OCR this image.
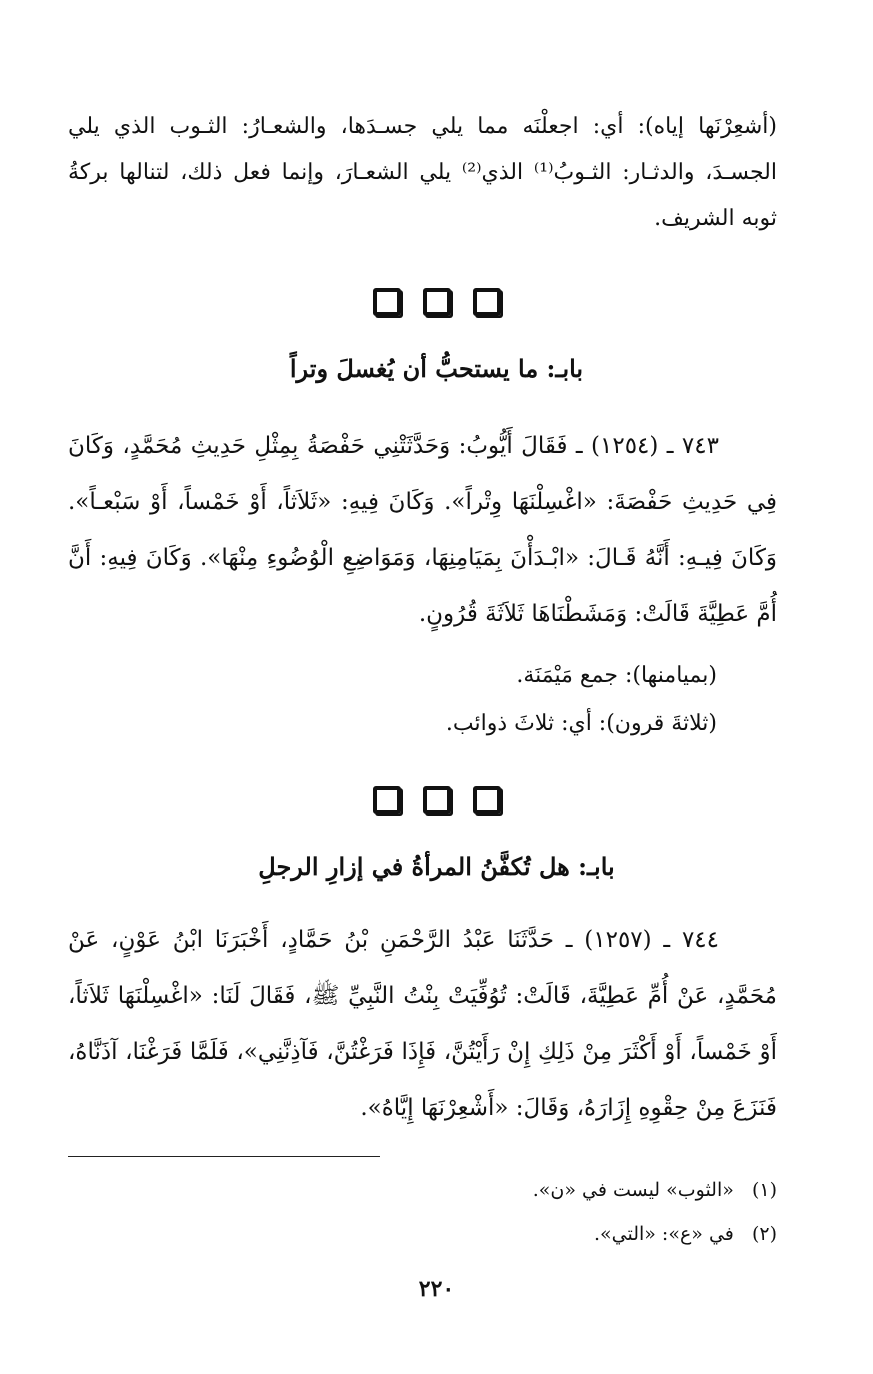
(أشعِرْنَها إياه): أي: اجعلْنَه مما يلي جسـدَها، والشعـارُ: الثـوب الذي يلي الجسـدَ، والدثـار: الثـوبُ⁽¹⁾ الذي⁽²⁾ يلي الشعـارَ، وإنما فعل ذلك، لتنالها بركةُ ثوبه الشريف.

بابـ: ما يستحبُّ أن يُغسلَ وتراً

٧٤٣ ـ (١٢٥٤) ـ فَقَالَ أَيُّوبُ: وَحَدَّثَتْنِي حَفْصَةُ بِمِثْلِ حَدِيثِ مُحَمَّدٍ، وَكَانَ فِي حَدِيثِ حَفْصَةَ: «اغْسِلْنَهَا وِتْراً». وَكَانَ فِيهِ: «ثَلاَثاً، أَوْ خَمْساً، أَوْ سَبْعـاً». وَكَانَ فِيـهِ: أَنَّهُ قَـالَ: «ابْـدَأْنَ بِمَيَامِنِهَا، وَمَوَاضِعِ الْوُضُوءِ مِنْهَا». وَكَانَ فِيهِ: أَنَّ أُمَّ عَطِيَّةَ قَالَتْ: وَمَشَطْنَاهَا ثَلاَثَةَ قُرُونٍ.

(بميامنها): جمع مَيْمَنَة.

(ثلاثةَ قرون): أي: ثلاثَ ذوائب.

بابـ: هل تُكفَّنُ المرأةُ في إزارِ الرجلِ

٧٤٤ ـ (١٢٥٧) ـ حَدَّثَنَا عَبْدُ الرَّحْمَنِ بْنُ حَمَّادٍ، أَخْبَرَنَا ابْنُ عَوْنٍ، عَنْ مُحَمَّدٍ، عَنْ أُمِّ عَطِيَّةَ، قَالَتْ: تُوُفِّيَتْ بِنْتُ النَّبِيِّ ﷺ، فَقَالَ لَنَا: «اغْسِلْنَهَا ثَلاَثاً، أَوْ خَمْساً، أَوْ أَكْثَرَ مِنْ ذَلِكِ إِنْ رَأَيْتُنَّ، فَإِذَا فَرَغْتُنَّ، فَآذِنَّنِي»، فَلَمَّا فَرَغْنَا، آذَنَّاهُ، فَنَزَعَ مِنْ حِقْوِهِ إِزَارَهُ، وَقَالَ: «أَشْعِرْنَهَا إِيَّاهُ».

(١) «الثوب» ليست في «ن».

(٢) في «ع»: «التي».

٢٢٠
